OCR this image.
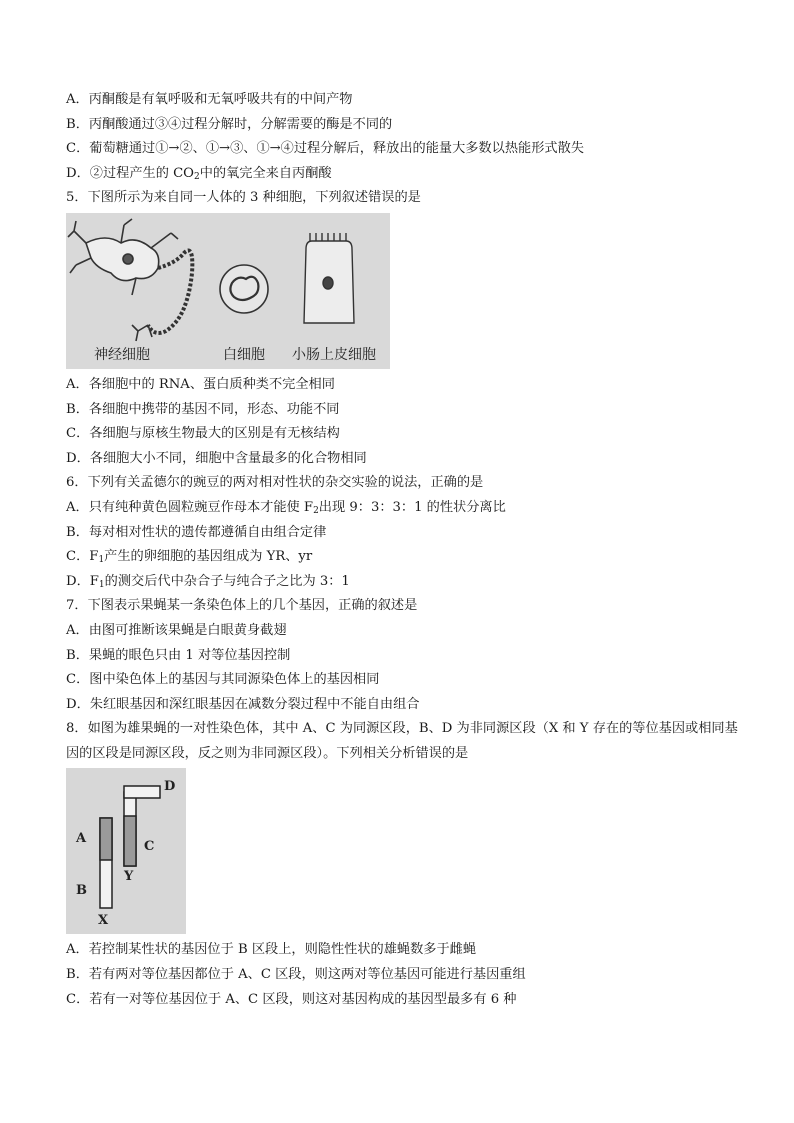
A．丙酮酸是有氧呼吸和无氧呼吸共有的中间产物
B．丙酮酸通过③④过程分解时，分解需要的酶是不同的
C．葡萄糖通过①→②、①→③、①→④过程分解后，释放出的能量大多数以热能形式散失
D．②过程产生的 $CO_2$中的氧完全来自丙酮酸
5．下图所示为来自同一人体的 3 种细胞，下列叙述错误的是
神经细胞	白细胞 小肠上皮细胞
A．各细胞中的 RNA、蛋白质种类不完全相同
B．各细胞中携带的基因不同，形态、功能不同
C．各细胞与原核生物最大的区别是有无核结构
D．各细胞大小不同，细胞中含量最多的化合物相同
6．下列有关孟德尔的豌豆的两对相对性状的杂交实验的说法，正确的是
A．只有纯种黄色圆粒豌豆作母本才能使 $F_2$出现 9：3：3：1 的性状分离比
B．每对相对性状的遗传都遵循自由组合定律
C．$F_1$产生的卵细胞的基因组成为 YR、yr
D．$F_1$的测交后代中杂合子与纯合子之比为 3：1
7．下图表示果蝇某一条染色体上的几个基因，正确的叙述是
A．由图可推断该果蝇是白眼黄身截翅
B．果蝇的眼色只由 1 对等位基因控制
C．图中染色体上的基因与其同源染色体上的基因相同
D．朱红眼基因和深红眼基因在减数分裂过程中不能自由组合
8．如图为雄果蝇的一对性染色体，其中 A、C 为同源区段，B、D 为非同源区段（X 和 Y 存在的等位基因或相同基因的区段是同源区段，反之则为非同源区段）。下列相关分析错误的是
A
B
C
D
X
Y
A．若控制某性状的基因位于 B 区段上，则隐性性状的雄蝇数多于雌蝇
B．若有两对等位基因都位于 A、C 区段，则这两对等位基因可能进行基因重组
C．若有一对等位基因位于 A、C 区段，则这对基因构成的基因型最多有 6 种
